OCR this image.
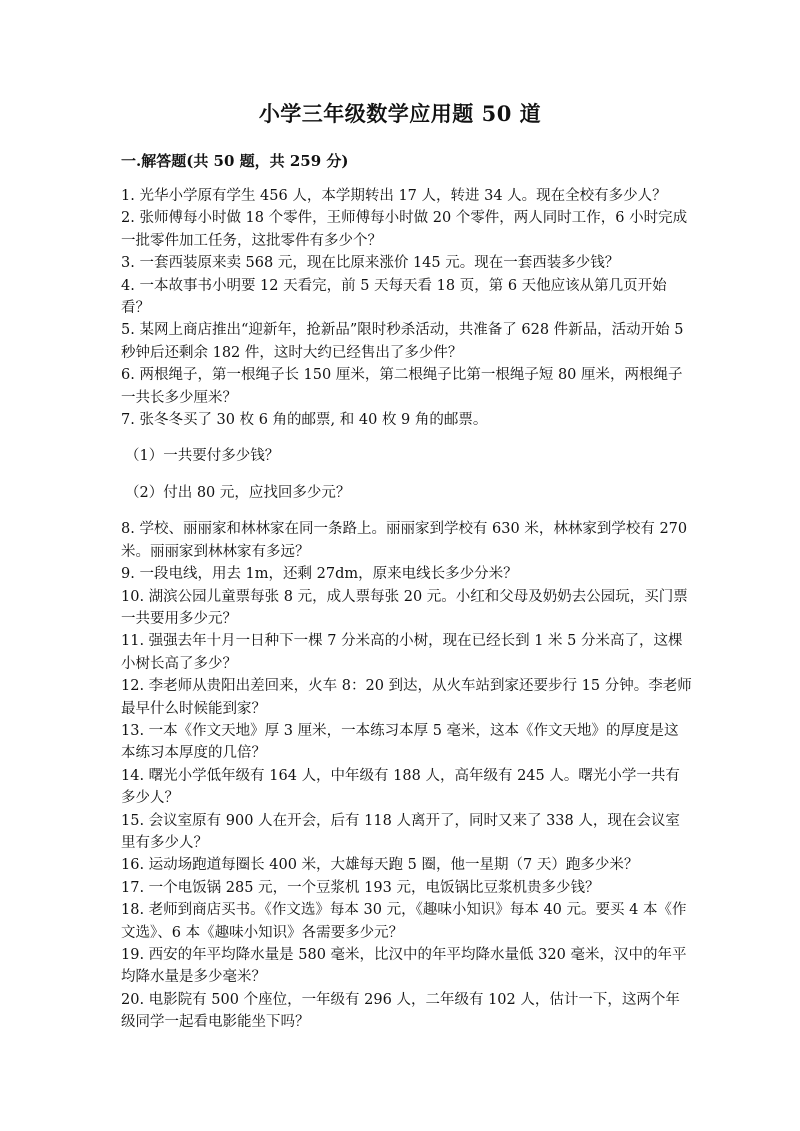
小学三年级数学应用题 50 道
一.解答题(共 50 题，共 259 分)

1. 光华小学原有学生 456 人，本学期转出 17 人，转进 34 人。现在全校有多少人？

2. 张师傅每小时做 18 个零件，王师傅每小时做 20 个零件，两人同时工作，6 小时完成一批零件加工任务，这批零件有多少个？

3. 一套西装原来卖 568 元，现在比原来涨价 145 元。现在一套西装多少钱？

4. 一本故事书小明要 12 天看完，前 5 天每天看 18 页，第 6 天他应该从第几页开始看？

5. 某网上商店推出“迎新年，抢新品”限时秒杀活动，共准备了 628 件新品，活动开始 5 秒钟后还剩余 182 件，这时大约已经售出了多少件？

6. 两根绳子，第一根绳子长 150 厘米，第二根绳子比第一根绳子短 80 厘米，两根绳子一共长多少厘米？

7. 张冬冬买了 30 枚 6 角的邮票, 和 40 枚 9 角的邮票。

（1）一共要付多少钱？

（2）付出 80 元，应找回多少元？

8. 学校、丽丽家和林林家在同一条路上。丽丽家到学校有 630 米，林林家到学校有 270 米。丽丽家到林林家有多远？

9. 一段电线，用去 1m，还剩 27dm，原来电线长多少分米？

10. 湖滨公园儿童票每张 8 元，成人票每张 20 元。小红和父母及奶奶去公园玩，买门票一共要用多少元？

11. 强强去年十月一日种下一棵 7 分米高的小树，现在已经长到 1 米 5 分米高了，这棵小树长高了多少？

12. 李老师从贵阳出差回来，火车 8：20 到达，从火车站到家还要步行 15 分钟。李老师最早什么时候能到家？

13. 一本《作文天地》厚 3 厘米，一本练习本厚 5 毫米，这本《作文天地》的厚度是这本练习本厚度的几倍？

14. 曙光小学低年级有 164 人，中年级有 188 人，高年级有 245 人。曙光小学一共有多少人？

15. 会议室原有 900 人在开会，后有 118 人离开了，同时又来了 338 人，现在会议室里有多少人？

16. 运动场跑道每圈长 400 米，大雄每天跑 5 圈，他一星期（7 天）跑多少米？

17. 一个电饭锅 285 元，一个豆浆机 193 元，电饭锅比豆浆机贵多少钱？

18. 老师到商店买书。《作文选》每本 30 元，《趣味小知识》每本 40 元。要买 4 本《作文选》、6 本《趣味小知识》各需要多少元？

19. 西安的年平均降水量是 580 毫米，比汉中的年平均降水量低 320 毫米，汉中的年平均降水量是多少毫米？

20. 电影院有 500 个座位，一年级有 296 人，二年级有 102 人，估计一下，这两个年级同学一起看电影能坐下吗？
